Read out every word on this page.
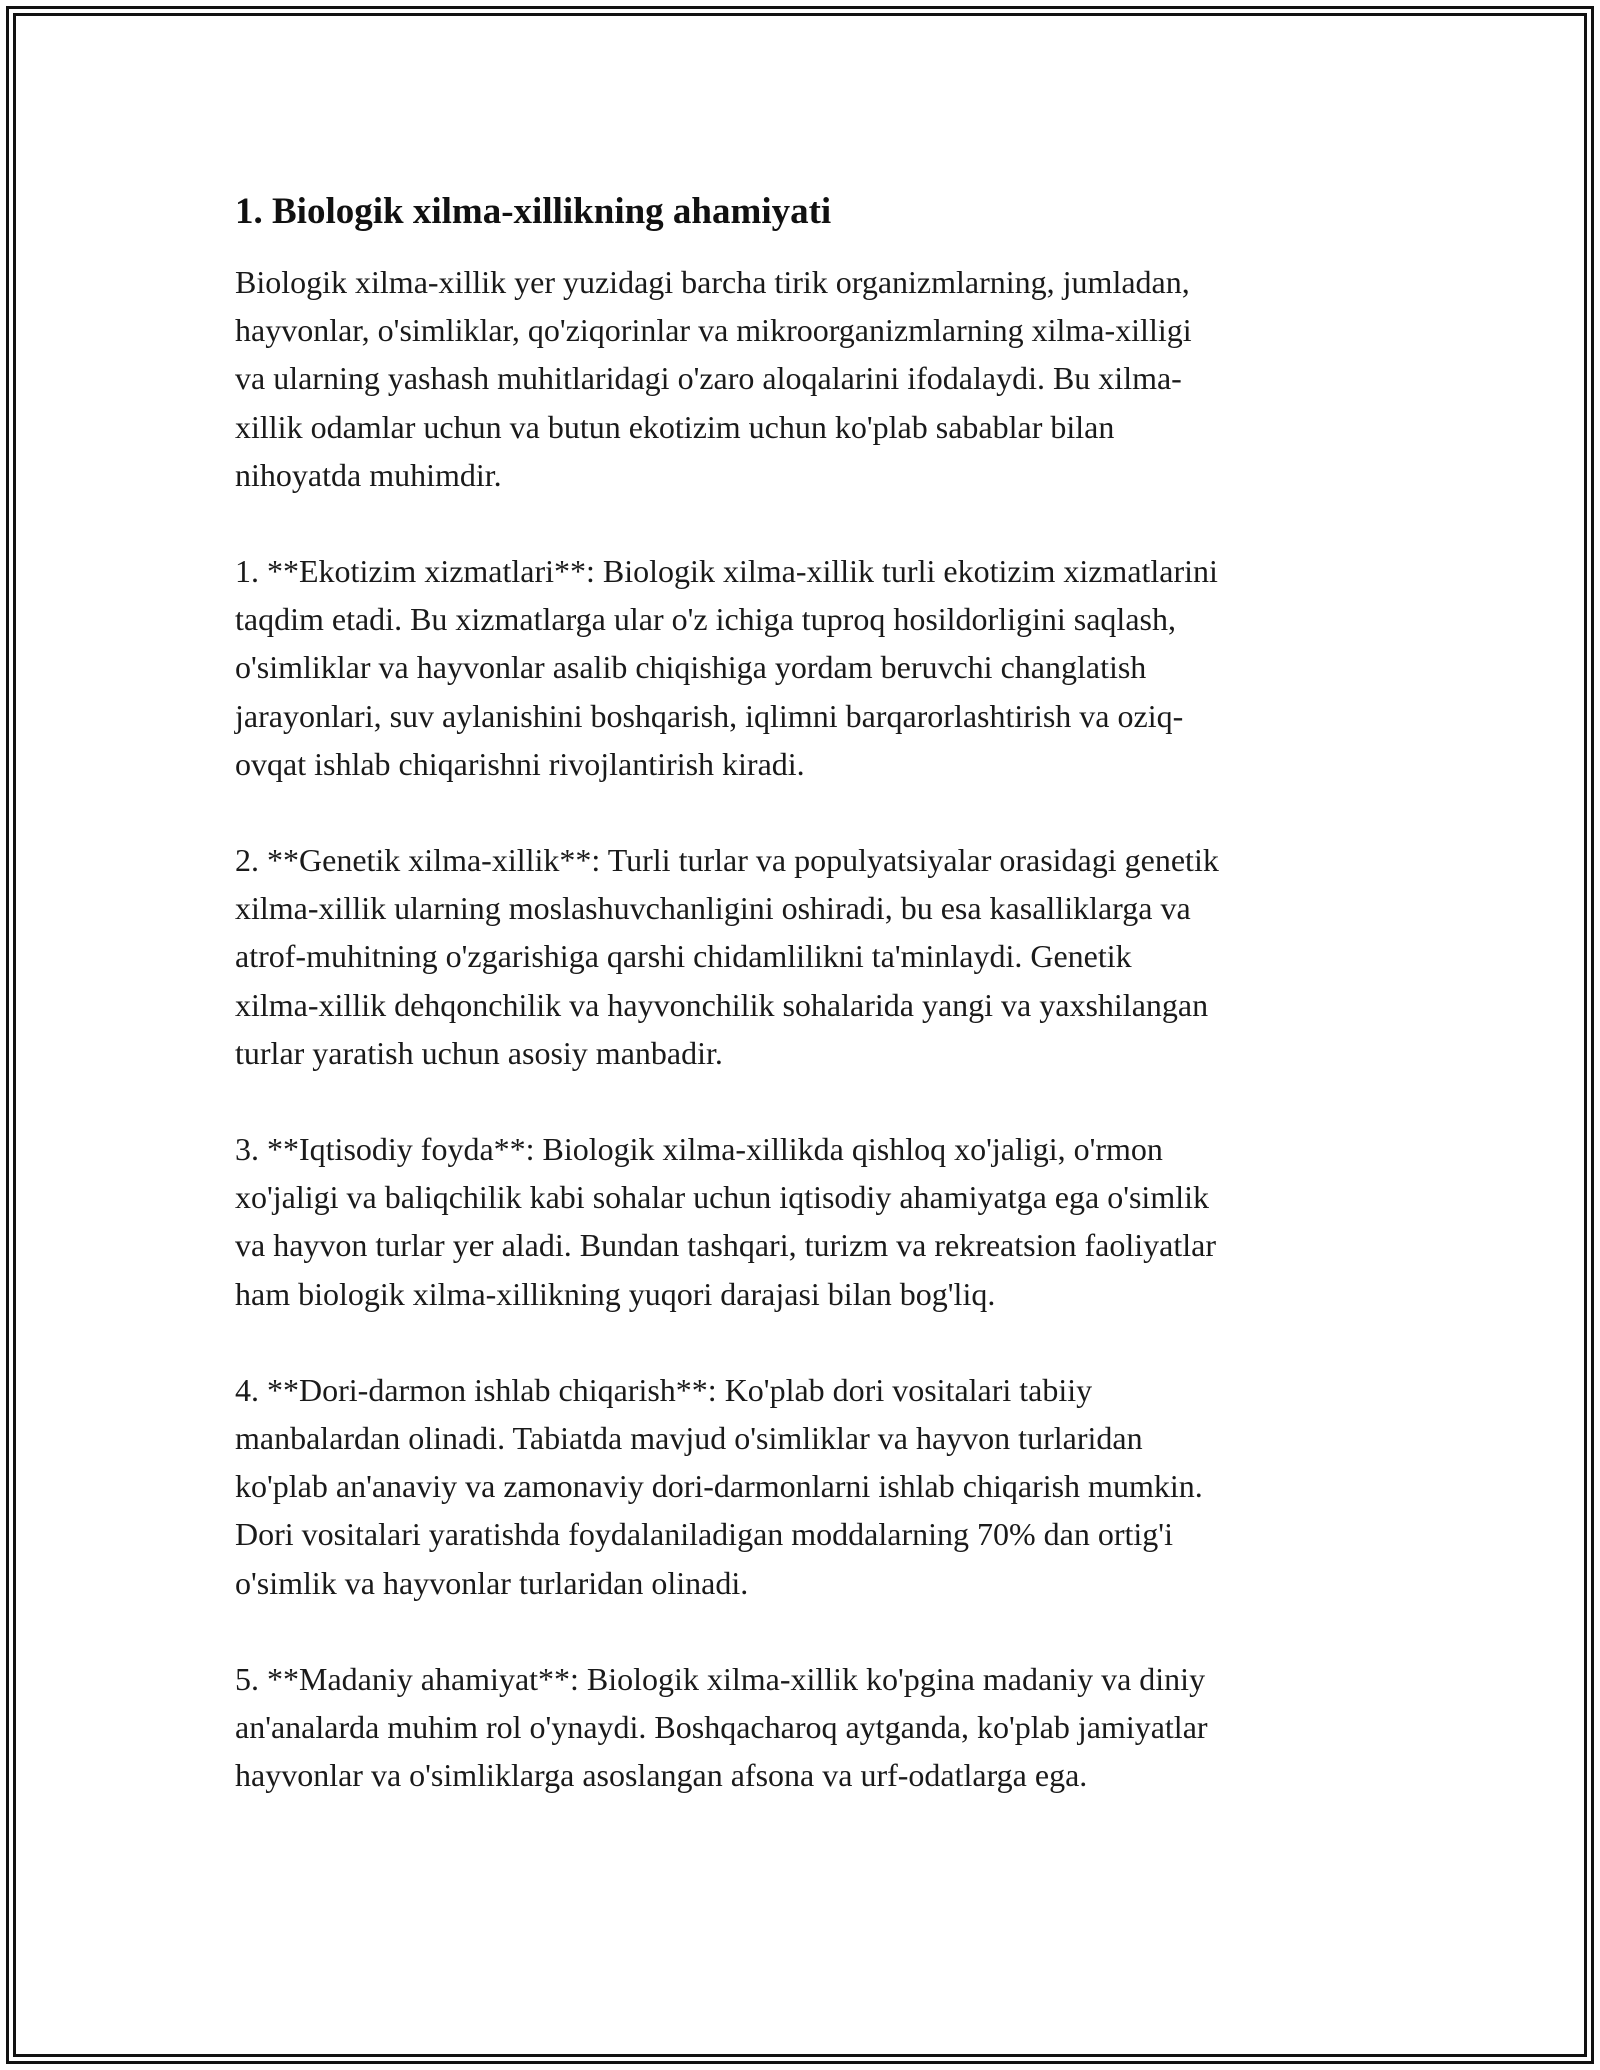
1. Biologik xilma-xillikning ahamiyati

Biologik xilma-xillik yer yuzidagi barcha tirik organizmlarning, jumladan,
hayvonlar, o'simliklar, qo'ziqorinlar va mikroorganizmlarning xilma-xilligi
va ularning yashash muhitlaridagi o'zaro aloqalarini ifodalaydi. Bu xilma-
xillik odamlar uchun va butun ekotizim uchun ko'plab sabablar bilan
nihoyatda muhimdir.

1. **Ekotizim xizmatlari**: Biologik xilma-xillik turli ekotizim xizmatlarini
taqdim etadi. Bu xizmatlarga ular o'z ichiga tuproq hosildorligini saqlash,
o'simliklar va hayvonlar asalib chiqishiga yordam beruvchi changlatish
jarayonlari, suv aylanishini boshqarish, iqlimni barqarorlashtirish va oziq-
ovqat ishlab chiqarishni rivojlantirish kiradi.

2. **Genetik xilma-xillik**: Turli turlar va populyatsiyalar orasidagi genetik
xilma-xillik ularning moslashuvchanligini oshiradi, bu esa kasalliklarga va
atrof-muhitning o'zgarishiga qarshi chidamlilikni ta'minlaydi. Genetik
xilma-xillik dehqonchilik va hayvonchilik sohalarida yangi va yaxshilangan
turlar yaratish uchun asosiy manbadir.

3. **Iqtisodiy foyda**: Biologik xilma-xillikda qishloq xo'jaligi, o'rmon
xo'jaligi va baliqchilik kabi sohalar uchun iqtisodiy ahamiyatga ega o'simlik
va hayvon turlar yer aladi. Bundan tashqari, turizm va rekreatsion faoliyatlar
ham biologik xilma-xillikning yuqori darajasi bilan bog'liq.

4. **Dori-darmon ishlab chiqarish**: Ko'plab dori vositalari tabiiy
manbalardan olinadi. Tabiatda mavjud o'simliklar va hayvon turlaridan
ko'plab an'anaviy va zamonaviy dori-darmonlarni ishlab chiqarish mumkin.
Dori vositalari yaratishda foydalaniladigan moddalarning 70% dan ortig'i
o'simlik va hayvonlar turlaridan olinadi.

5. **Madaniy ahamiyat**: Biologik xilma-xillik ko'pgina madaniy va diniy
an'analarda muhim rol o'ynaydi. Boshqacharoq aytganda, ko'plab jamiyatlar
hayvonlar va o'simliklarga asoslangan afsona va urf-odatlarga ega.
